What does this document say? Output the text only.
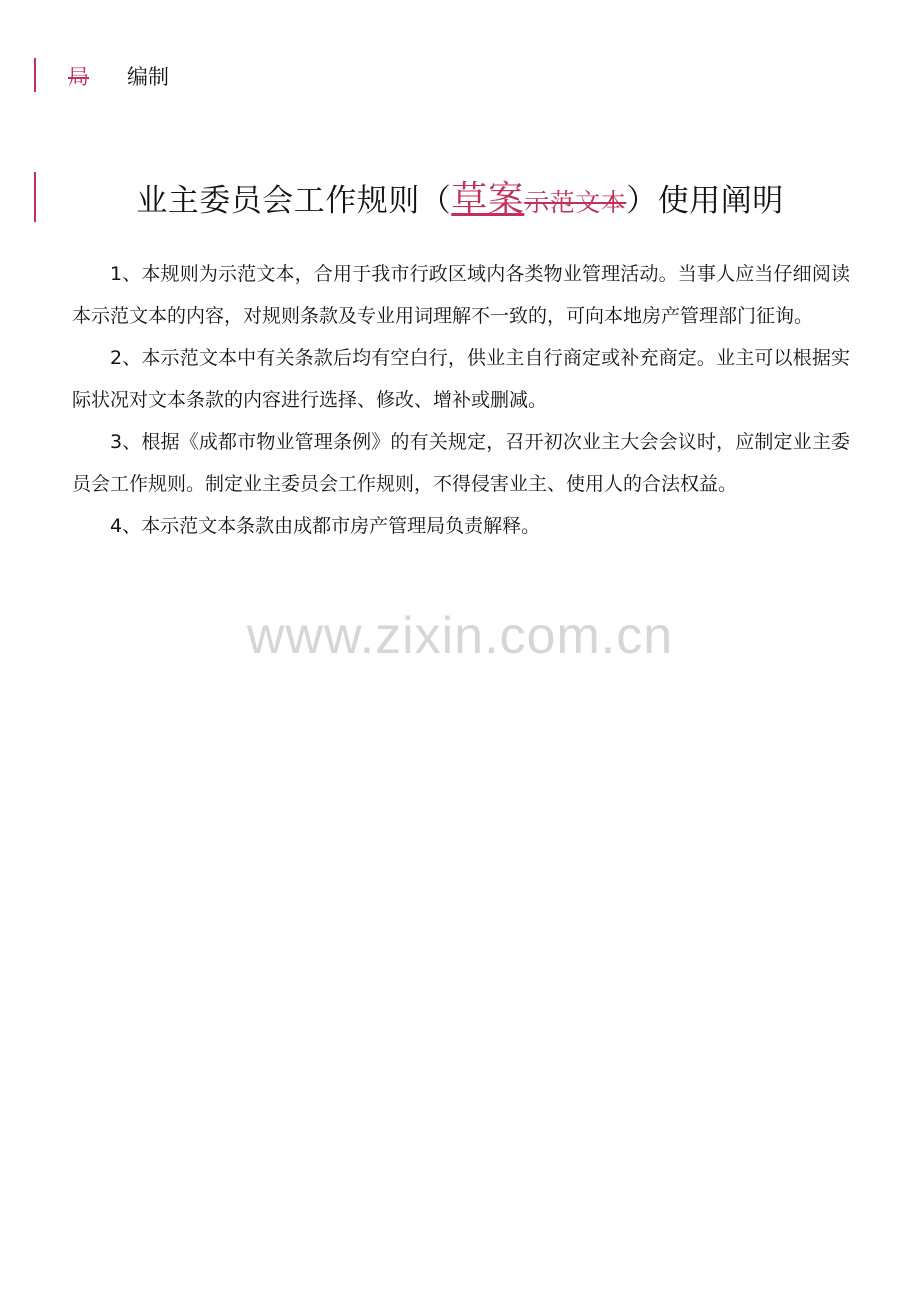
局 编制
业主委员会工作规则（草案示范文本）使用阐明

1、本规则为示范文本，合用于我市行政区域内各类物业管理活动。当事人应当仔细阅读本示范文本的内容，对规则条款及专业用词理解不一致的，可向本地房产管理部门征询。

2、本示范文本中有关条款后均有空白行，供业主自行商定或补充商定。业主可以根据实际状况对文本条款的内容进行选择、修改、增补或删减。

3、根据《成都市物业管理条例》的有关规定，召开初次业主大会会议时，应制定业主委员会工作规则。制定业主委员会工作规则，不得侵害业主、使用人的合法权益。

4、本示范文本条款由成都市房产管理局负责解释。

www.zixin.com.cn
